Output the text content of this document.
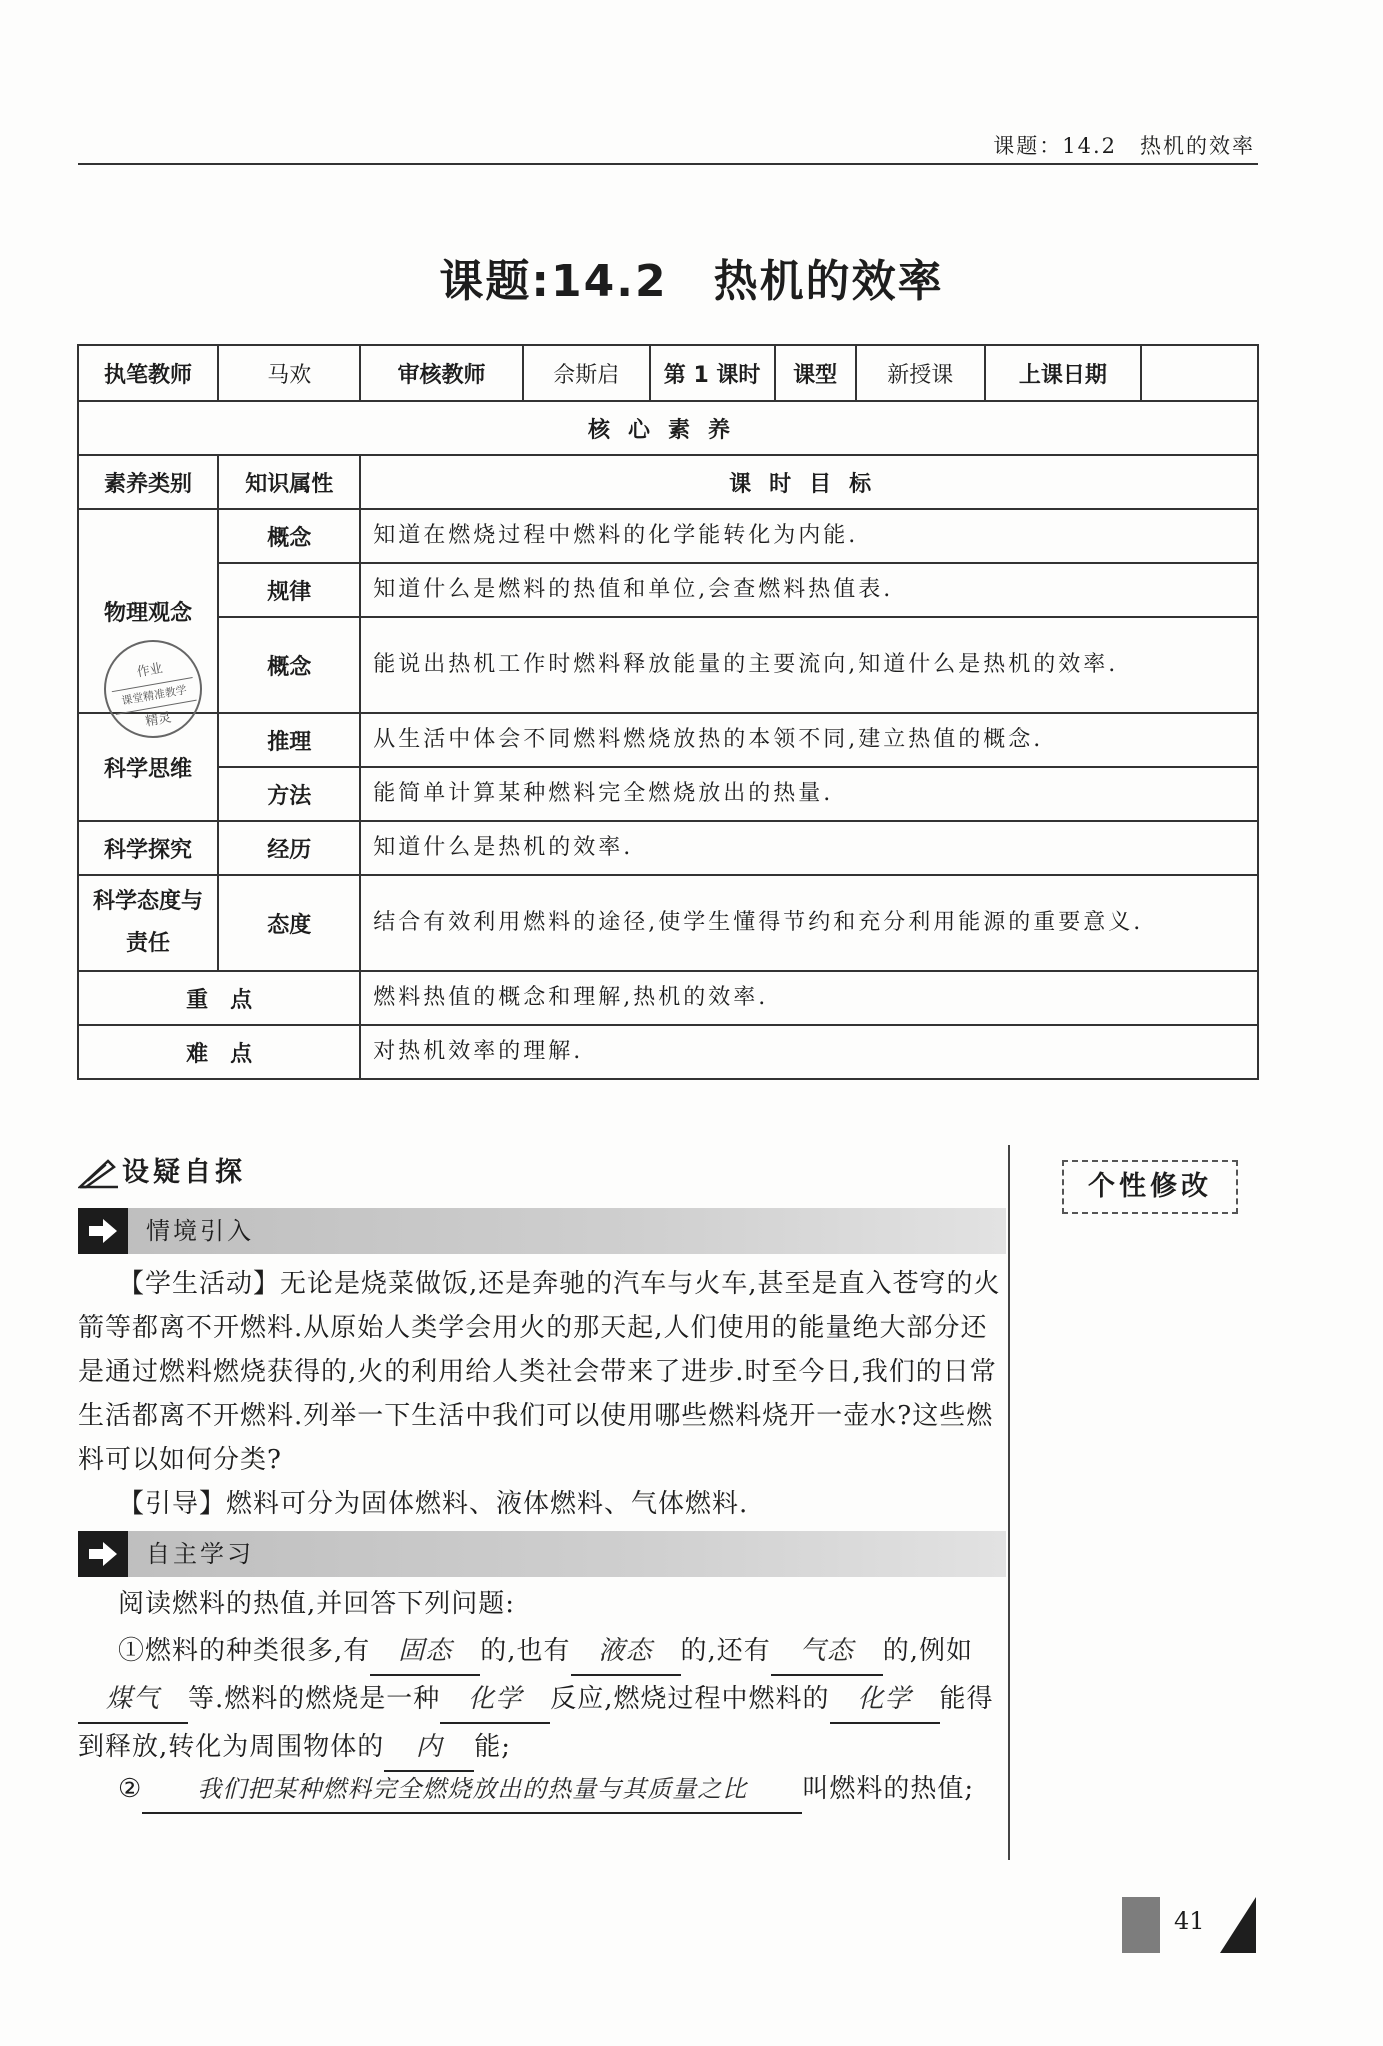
课题：14.2　热机的效率
课题:14.2　热机的效率
执笔教师	马欢	审核教师	佘斯启	第 1 课时	课型	新授课	上课日期	
核心素养								
素养类别	知识属性	课时目标						
物理观念	概念	知道在燃烧过程中燃料的化学能转化为内能.						
	规律	知道什么是燃料的热值和单位,会查燃料热值表.						
	概念	能说出热机工作时燃料释放能量的主要流向,知道什么是热机的效率.						
科学思维	推理	从生活中体会不同燃料燃烧放热的本领不同,建立热值的概念.						
	方法	能简单计算某种燃料完全燃烧放出的热量.						
科学探究	经历	知道什么是热机的效率.						
科学态度与责任	态度	结合有效利用燃料的途径,使学生懂得节约和充分利用能源的重要意义.						
重　点		燃料热值的概念和理解,热机的效率.						
难　点		对热机效率的理解.						
作业
课堂精准教学
精灵
设疑自探	个性修改
情境引入
【学生活动】无论是烧菜做饭,还是奔驰的汽车与火车,甚至是直入苍穹的火箭等都离不开燃料.从原始人类学会用火的那天起,人们使用的能量绝大部分还是通过燃料燃烧获得的,火的利用给人类社会带来了进步.时至今日,我们的日常生活都离不开燃料.列举一下生活中我们可以使用哪些燃料烧开一壶水?这些燃料可以如何分类?
【引导】燃料可分为固体燃料、液体燃料、气体燃料.
自主学习
阅读燃料的热值,并回答下列问题:
①燃料的种类很多,有 固态 的,也有 液态 的,还有 气态 的,例如煤气 等.燃料的燃烧是一种 化学 反应,燃烧过程中燃料的 化学 能得到释放,转化为周围物体的 内 能;
② 我们把某种燃料完全燃烧放出的热量与其质量之比 叫燃料的热值;
41
